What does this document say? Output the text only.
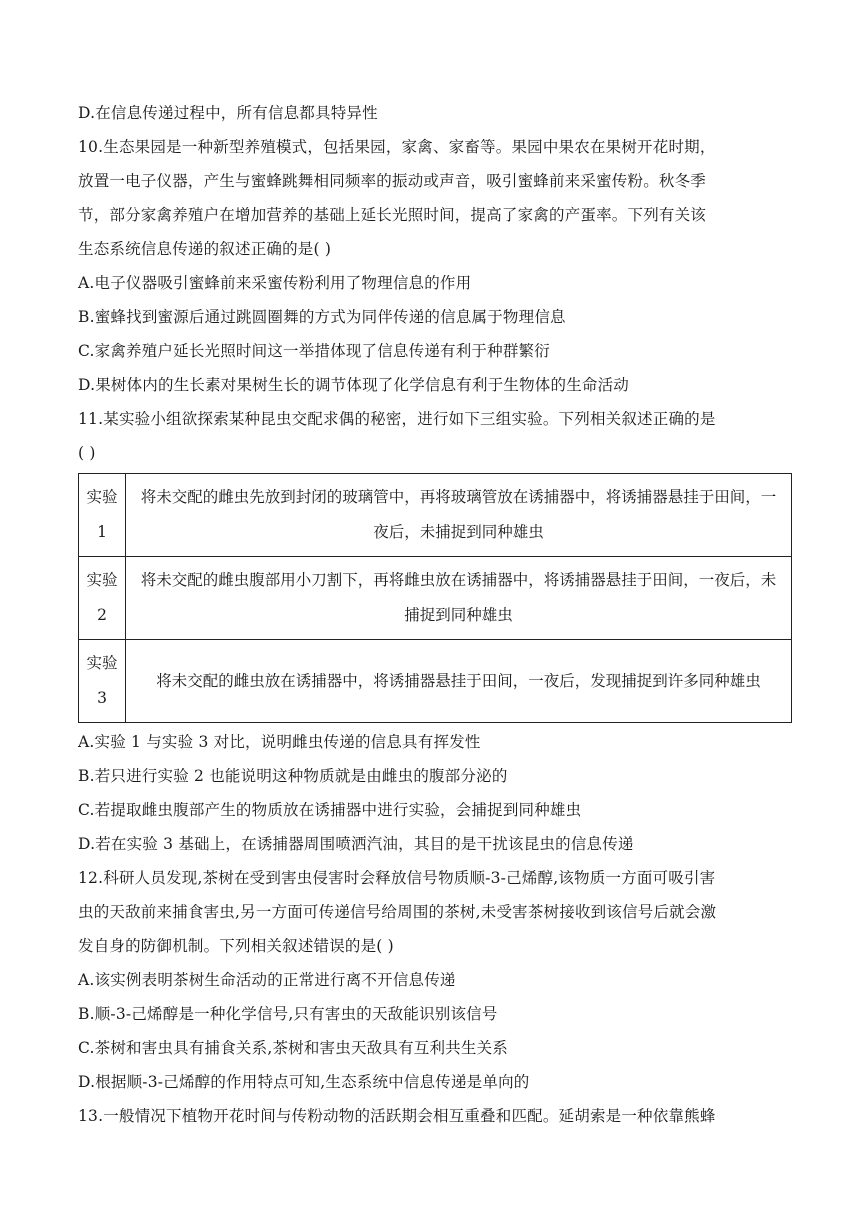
D.在信息传递过程中，所有信息都具特异性
10.生态果园是一种新型养殖模式，包括果园，家禽、家畜等。果园中果农在果树开花时期，
放置一电子仪器，产生与蜜蜂跳舞相同频率的振动或声音，吸引蜜蜂前来采蜜传粉。秋冬季
节，部分家禽养殖户在增加营养的基础上延长光照时间，提高了家禽的产蛋率。下列有关该
生态系统信息传递的叙述正确的是( )
A.电子仪器吸引蜜蜂前来采蜜传粉利用了物理信息的作用
B.蜜蜂找到蜜源后通过跳圆圈舞的方式为同伴传递的信息属于物理信息
C.家禽养殖户延长光照时间这一举措体现了信息传递有利于种群繁衍
D.果树体内的生长素对果树生长的调节体现了化学信息有利于生物体的生命活动
11.某实验小组欲探索某种昆虫交配求偶的秘密，进行如下三组实验。下列相关叙述正确的是
( )
实验
1	将未交配的雌虫先放到封闭的玻璃管中，再将玻璃管放在诱捕器中，将诱捕器悬挂于田间，一夜后，未捕捉到同种雄虫
实验
2	将未交配的雌虫腹部用小刀割下，再将雌虫放在诱捕器中，将诱捕器悬挂于田间，一夜后，未捕捉到同种雄虫
实验
3	将未交配的雌虫放在诱捕器中，将诱捕器悬挂于田间，一夜后，发现捕捉到许多同种雄虫
A.实验 1 与实验 3 对比，说明雌虫传递的信息具有挥发性
B.若只进行实验 2 也能说明这种物质就是由雌虫的腹部分泌的
C.若提取雌虫腹部产生的物质放在诱捕器中进行实验，会捕捉到同种雄虫
D.若在实验 3 基础上，在诱捕器周围喷洒汽油，其目的是干扰该昆虫的信息传递
12.科研人员发现,茶树在受到害虫侵害时会释放信号物质顺-3-己烯醇,该物质一方面可吸引害
虫的天敌前来捕食害虫,另一方面可传递信号给周围的茶树,未受害茶树接收到该信号后就会激
发自身的防御机制。下列相关叙述错误的是( )
A.该实例表明茶树生命活动的正常进行离不开信息传递
B.顺-3-己烯醇是一种化学信号,只有害虫的天敌能识别该信号
C.茶树和害虫具有捕食关系,茶树和害虫天敌具有互利共生关系
D.根据顺-3-己烯醇的作用特点可知,生态系统中信息传递是单向的
13.一般情况下植物开花时间与传粉动物的活跃期会相互重叠和匹配。延胡索是一种依靠熊蜂
